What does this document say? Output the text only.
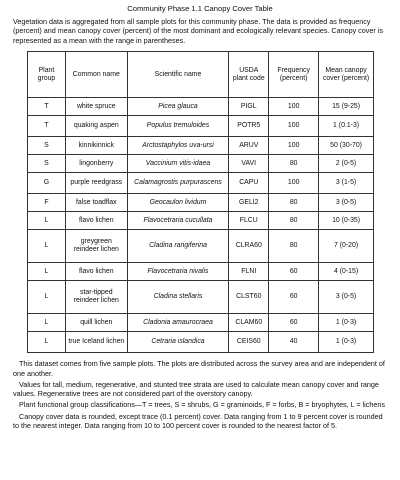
Community Phase 1.1 Canopy Cover Table
Vegetation data is aggregated from all sample plots for this community phase. The data is provided as frequency (percent) and mean canopy cover (percent) of the most dominant and ecologically relevant species. Canopy cover is represented as a mean with the range in parentheses.
Plant group	Common name	Scientific name	USDA plant code	Frequency (percent)	Mean canopy cover (percent)
T	white spruce	Picea glauca	PIGL	100	15 (9-25)
T	quaking aspen	Populus tremuloides	POTR5	100	1 (0.1-3)
S	kinnikinnick	Arctostaphylos uva-ursi	ARUV	100	50 (30-70)
S	lingonberry	Vaccinium vitis-idaea	VAVI	80	2 (0-5)
G	purple reedgrass	Calamagrostis purpurascens	CAPU	100	3 (1-5)
F	false toadflax	Geocaulon lividum	GELI2	80	3 (0-5)
L	flavo lichen	Flavocetraria cucullata	FLCU	80	10 (0-35)
L	greygreen reindeer lichen	Cladina rangiferina	CLRA60	80	7 (0-20)
L	flavo lichen	Flavocetraria nivalis	FLNI	60	4 (0-15)
L	star-tipped reindeer lichen	Cladina stellaris	CLST60	60	3 (0-5)
L	quill lichen	Cladonia amaurocraea	CLAM60	60	1 (0-3)
L	true Iceland lichen	Cetraria islandica	CEIS60	40	1 (0-3)

This dataset comes from five sample plots. The plots are distributed across the survey area and are independent of one another.

Values for tall, medium, regenerative, and stunted tree strata are used to calculate mean canopy cover and range values. Regenerative trees are not considered part of the overstory canopy.

Plant functional group classifications—T = trees, S = shrubs, G = graminoids, F = forbs, B = bryophytes, L = lichens

Canopy cover data is rounded, except trace (0.1 percent) cover. Data ranging from 1 to 9 percent cover is rounded to the nearest integer. Data ranging from 10 to 100 percent cover is rounded to the nearest factor of 5.
